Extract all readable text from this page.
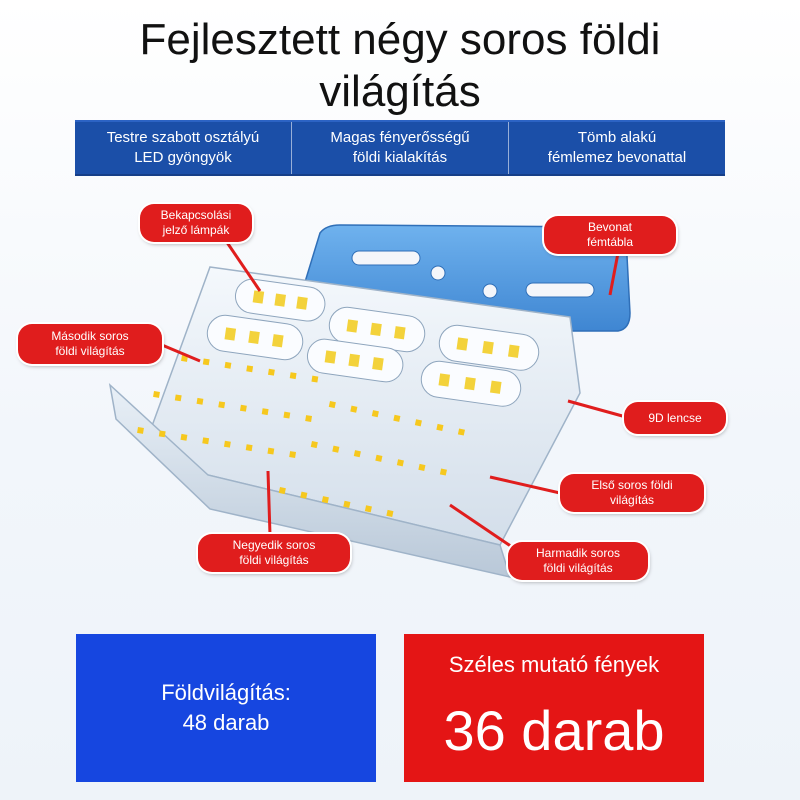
Fejlesztett négy soros földi
világítás
Testre szabott osztályú
LED gyöngyök
Magas fényerősségű
földi kialakítás
Tömb alakú
fémlemez bevonattal
Bekapcsolási
jelző lámpák	Bevonat
fémtábla
Második soros
földi világítás
9D lencse
Első soros földi
világítás
Negyedik soros
földi világítás	Harmadik soros
földi világítás
Földvilágítás:
48 darab
Széles mutató fények
36 darab
